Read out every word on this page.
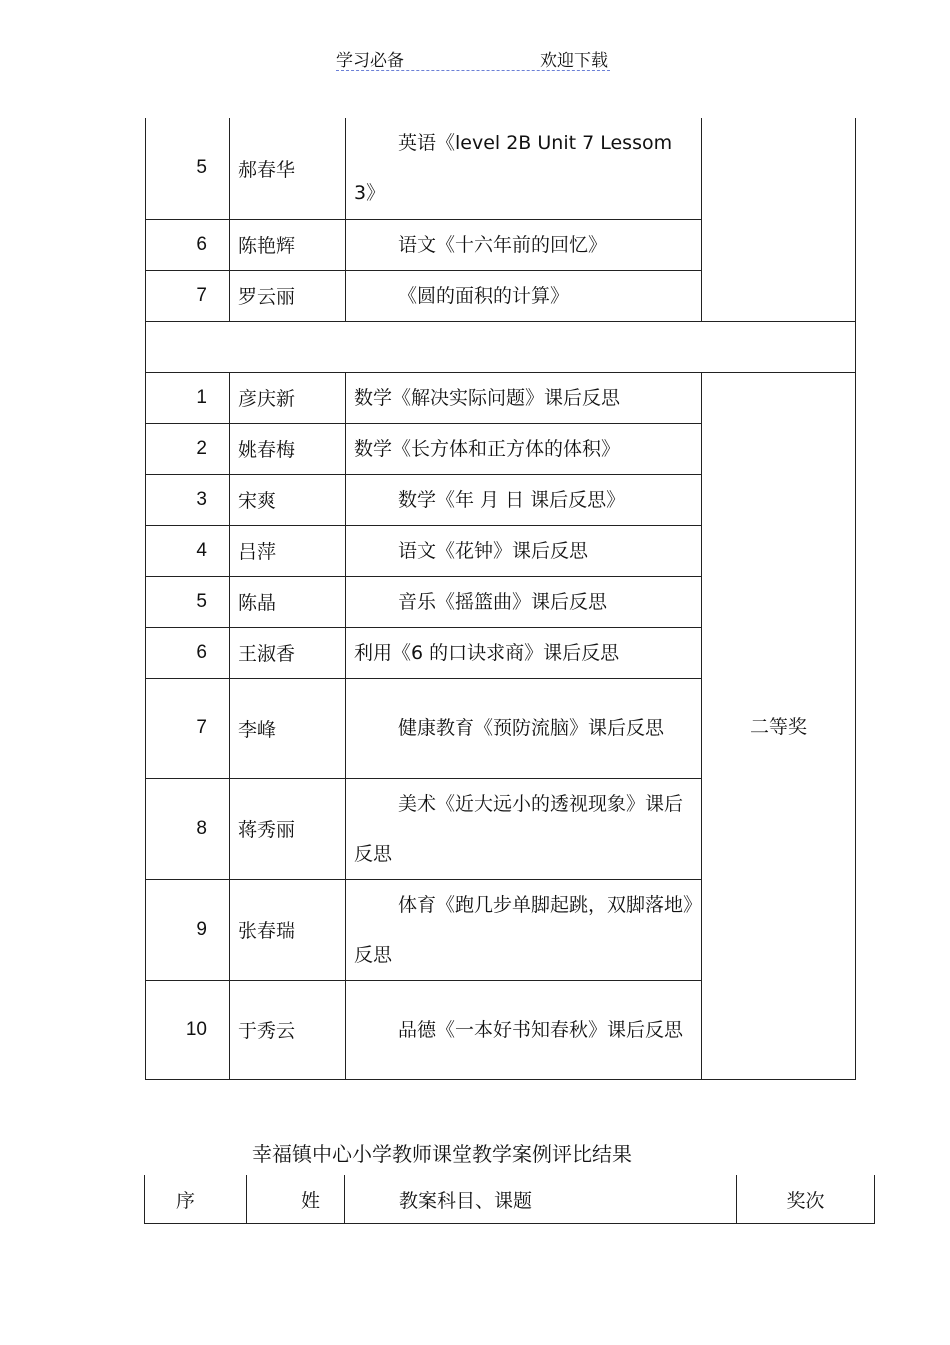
学习必备	欢迎下载
5	郝春华	英语《level 2B Unit 7 Lessom 3》	
6	陈艳辉	语文《十六年前的回忆》	
7	罗云丽	《圆的面积的计算》	

1	彦庆新	数学《解决实际问题》课后反思	二等奖
2	姚春梅	数学《长方体和正方体的体积》	
3	宋爽	数学《年 月 日 课后反思》	
4	吕萍	语文《花钟》课后反思	
5	陈晶	音乐《摇篮曲》课后反思	
6	王淑香	利用《6 的口诀求商》课后反思	
7	李峰	健康教育《预防流脑》课后反思	
8	蒋秀丽	美术《近大远小的透视现象》课后反思	
9	张春瑞	体育《跑几步单脚起跳，双脚落地》反思	
10	于秀云	品德《一本好书知春秋》课后反思	
幸福镇中心小学教师课堂教学案例评比结果
序	姓	教案科目、课题	奖次
